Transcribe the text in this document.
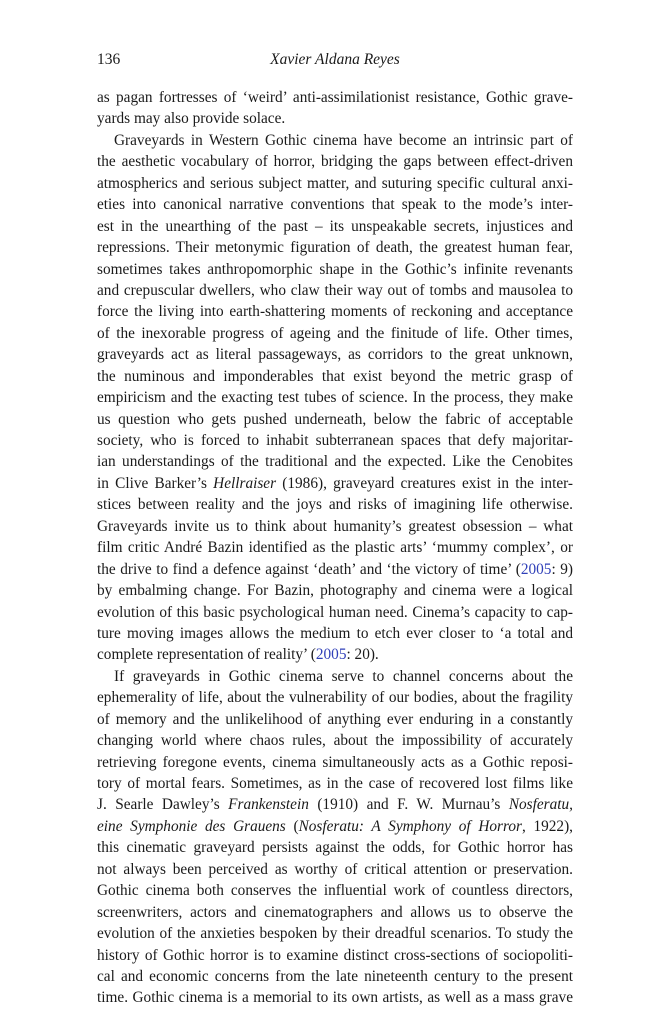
136	Xavier Aldana Reyes
as pagan fortresses of ‘weird’ anti-assimilationist resistance, Gothic grave-
yards may also provide solace.
Graveyards in Western Gothic cinema have become an intrinsic part of
the aesthetic vocabulary of horror, bridging the gaps between effect-driven
atmospherics and serious subject matter, and suturing specific cultural anxi-
eties into canonical narrative conventions that speak to the mode’s inter-
est in the unearthing of the past – its unspeakable secrets, injustices and
repressions. Their metonymic figuration of death, the greatest human fear,
sometimes takes anthropomorphic shape in the Gothic’s infinite revenants
and crepuscular dwellers, who claw their way out of tombs and mausolea to
force the living into earth-shattering moments of reckoning and acceptance
of the inexorable progress of ageing and the finitude of life. Other times,
graveyards act as literal passageways, as corridors to the great unknown,
the numinous and imponderables that exist beyond the metric grasp of
empiricism and the exacting test tubes of science. In the process, they make
us question who gets pushed underneath, below the fabric of acceptable
society, who is forced to inhabit subterranean spaces that defy majoritar-
ian understandings of the traditional and the expected. Like the Cenobites
in Clive Barker’s Hellraiser (1986), graveyard creatures exist in the inter-
stices between reality and the joys and risks of imagining life otherwise.
Graveyards invite us to think about humanity’s greatest obsession – what
film critic André Bazin identified as the plastic arts’ ‘mummy complex’, or
the drive to find a defence against ‘death’ and ‘the victory of time’ (2005: 9)
by embalming change. For Bazin, photography and cinema were a logical
evolution of this basic psychological human need. Cinema’s capacity to cap-
ture moving images allows the medium to etch ever closer to ‘a total and
complete representation of reality’ (2005: 20).
If graveyards in Gothic cinema serve to channel concerns about the
ephemerality of life, about the vulnerability of our bodies, about the fragility
of memory and the unlikelihood of anything ever enduring in a constantly
changing world where chaos rules, about the impossibility of accurately
retrieving foregone events, cinema simultaneously acts as a Gothic reposi-
tory of mortal fears. Sometimes, as in the case of recovered lost films like
J. Searle Dawley’s Frankenstein (1910) and F. W. Murnau’s Nosferatu,
eine Symphonie des Grauens (Nosferatu: A Symphony of Horror, 1922),
this cinematic graveyard persists against the odds, for Gothic horror has
not always been perceived as worthy of critical attention or preservation.
Gothic cinema both conserves the influential work of countless directors,
screenwriters, actors and cinematographers and allows us to observe the
evolution of the anxieties bespoken by their dreadful scenarios. To study the
history of Gothic horror is to examine distinct cross-sections of sociopoliti-
cal and economic concerns from the late nineteenth century to the present
time. Gothic cinema is a memorial to its own artists, as well as a mass grave
